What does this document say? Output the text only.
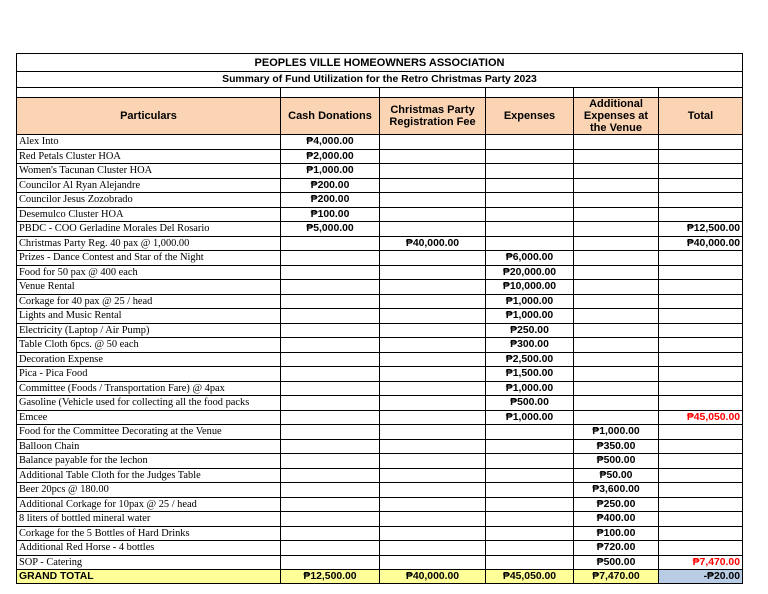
PEOPLES VILLE HOMEOWNERS ASSOCIATION					
Summary of Fund Utilization for the Retro Christmas Party 2023					

Particulars	Cash Donations	Christmas Party Registration Fee	Expenses	Additional Expenses at the Venue	Total
Alex Into	₱4,000.00				
Red Petals Cluster HOA	₱2,000.00				
Women's Tacunan Cluster HOA	₱1,000.00				
Councilor Al Ryan Alejandre	₱200.00				
Councilor Jesus Zozobrado	₱200.00				
Desemulco Cluster HOA	₱100.00				
PBDC - COO Gerladine Morales Del Rosario	₱5,000.00				₱12,500.00
Christmas Party Reg. 40 pax @ 1,000.00		₱40,000.00			₱40,000.00
Prizes - Dance Contest and Star of the Night			₱6,000.00		
Food for 50 pax @ 400 each			₱20,000.00		
Venue Rental			₱10,000.00		
Corkage for 40 pax @ 25 / head			₱1,000.00		
Lights and Music Rental			₱1,000.00		
Electricity (Laptop / Air Pump)			₱250.00		
Table Cloth 6pcs. @ 50 each			₱300.00		
Decoration Expense			₱2,500.00		
Pica - Pica Food			₱1,500.00		
Committee (Foods / Transportation Fare) @ 4pax			₱1,000.00		
Gasoline (Vehicle used for collecting all the food packs			₱500.00		
Emcee			₱1,000.00		₱45,050.00
Food for the Committee Decorating at the Venue				₱1,000.00	
Balloon Chain				₱350.00	
Balance payable for the lechon				₱500.00	
Additional Table Cloth for the Judges Table				₱50.00	
Beer 20pcs @ 180.00				₱3,600.00	
Additional Corkage for 10pax @ 25 / head				₱250.00	
8 liters of bottled mineral water				₱400.00	
Corkage for the 5 Bottles of Hard Drinks				₱100.00	
Additional Red Horse - 4 bottles				₱720.00	
SOP - Catering				₱500.00	₱7,470.00
GRAND TOTAL	₱12,500.00	₱40,000.00	₱45,050.00	₱7,470.00	-₱20.00
